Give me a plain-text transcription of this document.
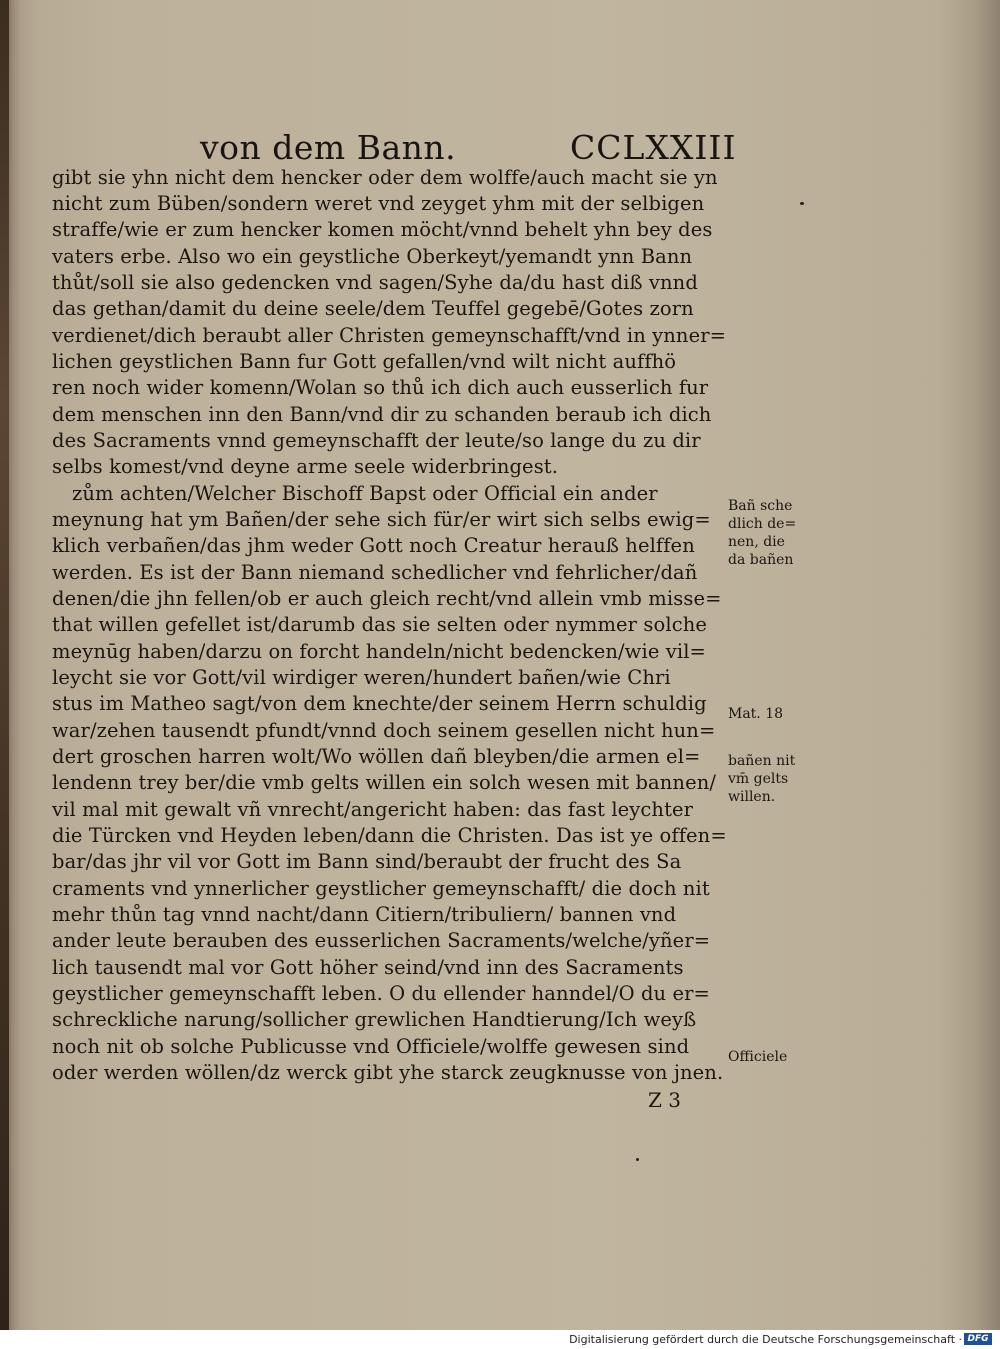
von dem Bann.	CCLXXIII
gibt sie yhn nicht dem hencker oder dem wolffe/auch macht sie yn
nicht zum Büben/sondern weret vnd zeyget yhm mit der selbigen
straffe/wie er zum hencker komen möcht/vnnd behelt yhn bey des
vaters erbe. Also wo ein geystliche Oberkeyt/yemandt ynn Bann
thůt/soll sie also gedencken vnd sagen/Syhe da/du hast diß vnnd
das gethan/damit du deine seele/dem Teuffel gegebē/Gotes zorn
verdienet/dich beraubt aller Christen gemeynschafft/vnd in ynner=
lichen geystlichen Bann fur Gott gefallen/vnd wilt nicht auffhö
ren noch wider komenn/Wolan so thů ich dich auch eusserlich fur
dem menschen inn den Bann/vnd dir zu schanden beraub ich dich
des Sacraments vnnd gemeynschafft der leute/so lange du zu dir
selbs komest/vnd deyne arme seele widerbringest.
zům achten/Welcher Bischoff Bapst oder Official ein ander
meynung hat ym Bañen/der sehe sich für/er wirt sich selbs ewig=
klich verbañen/das jhm weder Gott noch Creatur herauß helffen
werden. Es ist der Bann niemand schedlicher vnd fehrlicher/dañ
denen/die jhn fellen/ob er auch gleich recht/vnd allein vmb misse=
that willen gefellet ist/darumb das sie selten oder nymmer solche
meynūg haben/darzu on forcht handeln/nicht bedencken/wie vil=
leycht sie vor Gott/vil wirdiger weren/hundert bañen/wie Chri
stus im Matheo sagt/von dem knechte/der seinem Herrn schuldig
war/zehen tausendt pfundt/vnnd doch seinem gesellen nicht hun=
dert groschen harren wolt/Wo wöllen dañ bleyben/die armen el=
lendenn trey ber/die vmb gelts willen ein solch wesen mit bannen/
vil mal mit gewalt vñ vnrecht/angericht haben: das fast leychter
die Türcken vnd Heyden leben/dann die Christen. Das ist ye offen=
bar/das jhr vil vor Gott im Bann sind/beraubt der frucht des Sa
craments vnd ynnerlicher geystlicher gemeynschafft/ die doch nit
mehr thůn tag vnnd nacht/dann Citiern/tribuliern/ bannen vnd
ander leute berauben des eusserlichen Sacraments/welche/yñer=
lich tausendt mal vor Gott höher seind/vnd inn des Sacraments
geystlicher gemeynschafft leben. O du ellender hanndel/O du er=
schreckliche narung/sollicher grewlichen Handtierung/Ich weyß
noch nit ob solche Publicusse vnd Officiele/wolffe gewesen sind
oder werden wöllen/dz werck gibt yhe starck zeugknusse von jnen.
Bañ sche
dlich de=
nen, die
da bañen
Mat. 18
bañen nit
vm̄ gelts
willen.
Officiele
Z 3
Digitalisierung gefördert durch die Deutsche Forschungsgemeinschaft · DFG
